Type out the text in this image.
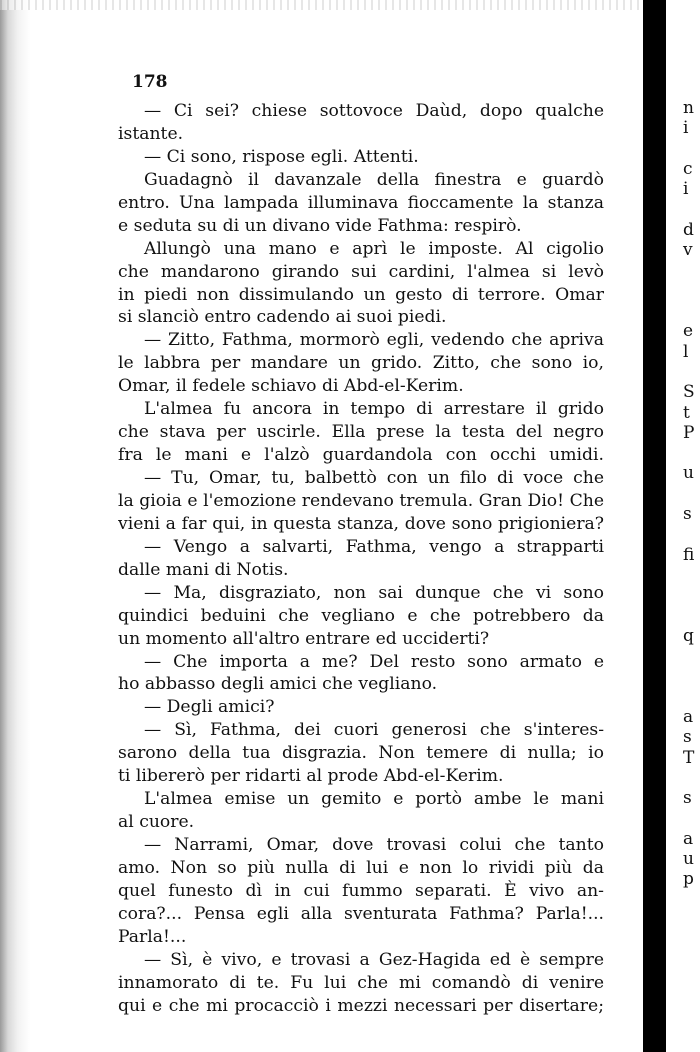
178
— Ci sei? chiese sottovoce Daùd, dopo qualche
istante.
— Ci sono, rispose egli. Attenti.
Guadagnò il davanzale della finestra e guardò
entro. Una lampada illuminava fioccamente la stanza
e seduta su di un divano vide Fathma: respirò.
Allungò una mano e aprì le imposte. Al cigolio
che mandarono girando sui cardini, l'almea si levò
in piedi non dissimulando un gesto di terrore. Omar
si slanciò entro cadendo ai suoi piedi.
— Zitto, Fathma, mormorò egli, vedendo che apriva
le labbra per mandare un grido. Zitto, che sono io,
Omar, il fedele schiavo di Abd-el-Kerim.
L'almea fu ancora in tempo di arrestare il grido
che stava per uscirle. Ella prese la testa del negro
fra le mani e l'alzò guardandola con occhi umidi.
— Tu, Omar, tu, balbettò con un filo di voce che
la gioia e l'emozione rendevano tremula. Gran Dio! Che
vieni a far qui, in questa stanza, dove sono prigioniera?
— Vengo a salvarti, Fathma, vengo a strapparti
dalle mani di Notis.
— Ma, disgraziato, non sai dunque che vi sono
quindici beduini che vegliano e che potrebbero da
un momento all'altro entrare ed ucciderti?
— Che importa a me? Del resto sono armato e
ho abbasso degli amici che vegliano.
— Degli amici?
— Sì, Fathma, dei cuori generosi che s'interes-
sarono della tua disgrazia. Non temere di nulla; io
ti libererò per ridarti al prode Abd-el-Kerim.
L'almea emise un gemito e portò ambe le mani
al cuore.
— Narrami, Omar, dove trovasi colui che tanto
amo. Non so più nulla di lui e non lo rividi più da
quel funesto dì in cui fummo separati. È vivo an-
cora?... Pensa egli alla sventurata Fathma? Parla!...
Parla!...
— Sì, è vivo, e trovasi a Gez-Hagida ed è sempre
innamorato di te. Fu lui che mi comandò di venire
qui e che mi procacciò i mezzi necessari per disertare;
n
i
c
i
d
v
e
l
S
t
P
u
s
fi
q
a
s
T
s
a
u
p
